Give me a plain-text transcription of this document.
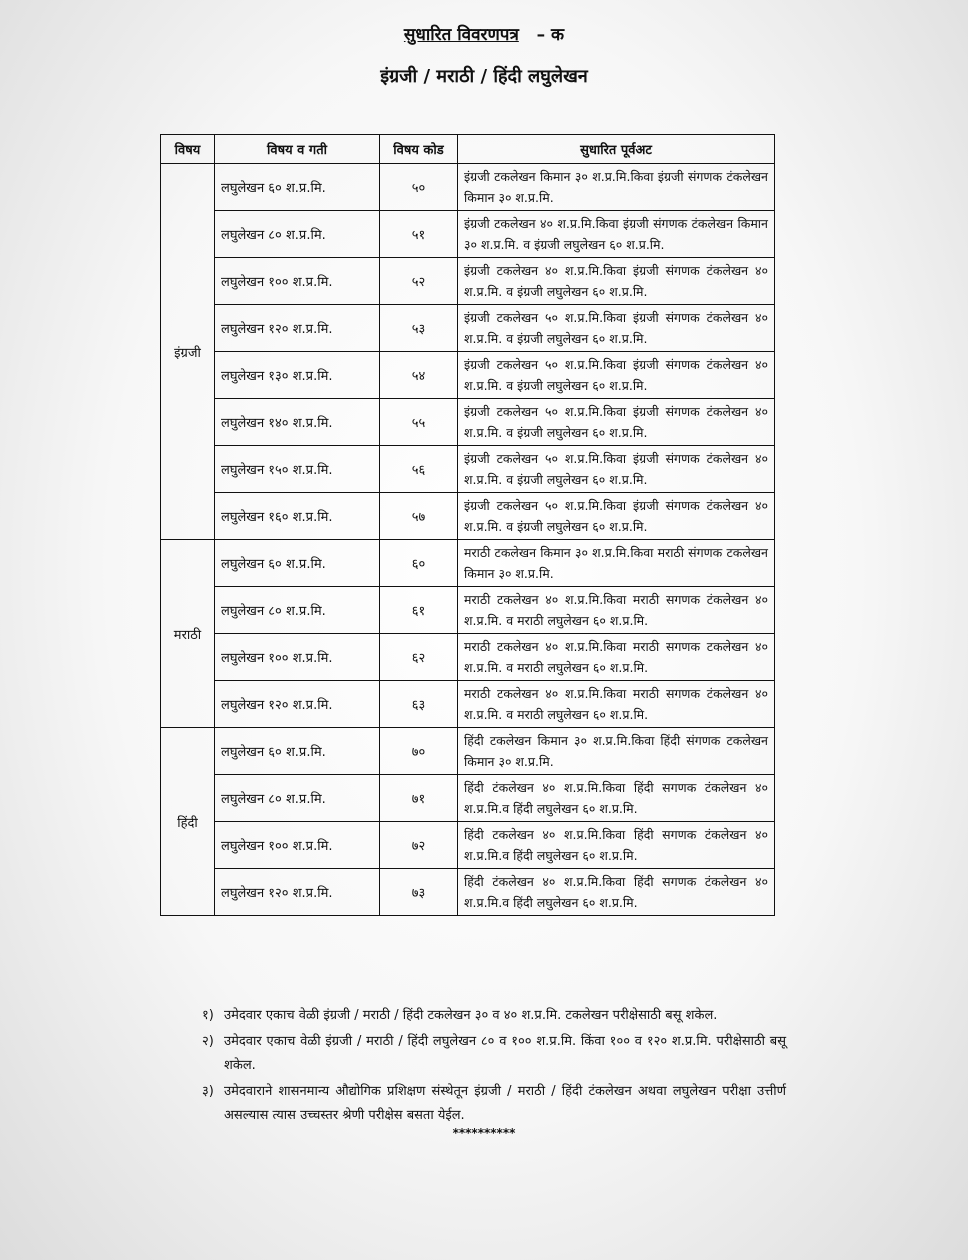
सुधारित विवरणपत्र – क
इंग्रजी / मराठी / हिंदी लघुलेखन
विषय	विषय व गती	विषय कोड	सुधारित पूर्वअट
इंग्रजी	लघुलेखन ६० श.प्र.मि.	५०	इंग्रजी टकलेखन किमान ३० श.प्र.मि.किवा इंग्रजी संगणक टंकलेखन किमान ३० श.प्र.मि.
	लघुलेखन ८० श.प्र.मि.	५१	इंग्रजी टकलेखन ४० श.प्र.मि.किवा इंग्रजी संगणक टंकलेखन किमान ३० श.प्र.मि. व इंग्रजी लघुलेखन ६० श.प्र.मि.
	लघुलेखन १०० श.प्र.मि.	५२	इंग्रजी टकलेखन ४० श.प्र.मि.किवा इंग्रजी संगणक टंकलेखन ४० श.प्र.मि. व इंग्रजी लघुलेखन ६० श.प्र.मि.
	लघुलेखन १२० श.प्र.मि.	५३	इंग्रजी टकलेखन ५० श.प्र.मि.किवा इंग्रजी संगणक टंकलेखन ४० श.प्र.मि. व इंग्रजी लघुलेखन ६० श.प्र.मि.
	लघुलेखन १३० श.प्र.मि.	५४	इंग्रजी टकलेखन ५० श.प्र.मि.किवा इंग्रजी संगणक टंकलेखन ४० श.प्र.मि. व इंग्रजी लघुलेखन ६० श.प्र.मि.
	लघुलेखन १४० श.प्र.मि.	५५	इंग्रजी टकलेखन ५० श.प्र.मि.किवा इंग्रजी संगणक टंकलेखन ४० श.प्र.मि. व इंग्रजी लघुलेखन ६० श.प्र.मि.
	लघुलेखन १५० श.प्र.मि.	५६	इंग्रजी टकलेखन ५० श.प्र.मि.किवा इंग्रजी संगणक टंकलेखन ४० श.प्र.मि. व इंग्रजी लघुलेखन ६० श.प्र.मि.
	लघुलेखन १६० श.प्र.मि.	५७	इंग्रजी टकलेखन ५० श.प्र.मि.किवा इंग्रजी संगणक टंकलेखन ४० श.प्र.मि. व इंग्रजी लघुलेखन ६० श.प्र.मि.
मराठी	लघुलेखन ६० श.प्र.मि.	६०	मराठी टकलेखन किमान ३० श.प्र.मि.किवा मराठी संगणक टकलेखन किमान ३० श.प्र.मि.
	लघुलेखन ८० श.प्र.मि.	६१	मराठी टकलेखन ४० श.प्र.मि.किवा मराठी सगणक टंकलेखन ४० श.प्र.मि. व मराठी लघुलेखन ६० श.प्र.मि.
	लघुलेखन १०० श.प्र.मि.	६२	मराठी टकलेखन ४० श.प्र.मि.किवा मराठी सगणक टकलेखन ४० श.प्र.मि. व मराठी लघुलेखन ६० श.प्र.मि.
	लघुलेखन १२० श.प्र.मि.	६३	मराठी टकलेखन ४० श.प्र.मि.किवा मराठी सगणक टंकलेखन ४० श.प्र.मि. व मराठी लघुलेखन ६० श.प्र.मि.
हिंदी	लघुलेखन ६० श.प्र.मि.	७०	हिंदी टकलेखन किमान ३० श.प्र.मि.किवा हिंदी संगणक टकलेखन किमान ३० श.प्र.मि.
	लघुलेखन ८० श.प्र.मि.	७१	हिंदी टंकलेखन ४० श.प्र.मि.किवा हिंदी सगणक टंकलेखन ४० श.प्र.मि.व हिंदी लघुलेखन ६० श.प्र.मि.
	लघुलेखन १०० श.प्र.मि.	७२	हिंदी टकलेखन ४० श.प्र.मि.किवा हिंदी सगणक टंकलेखन ४० श.प्र.मि.व हिंदी लघुलेखन ६० श.प्र.मि.
	लघुलेखन १२० श.प्र.मि.	७३	हिंदी टंकलेखन ४० श.प्र.मि.किवा हिंदी सगणक टंकलेखन ४० श.प्र.मि.व हिंदी लघुलेखन ६० श.प्र.मि.
१) उमेदवार एकाच वेळी इंग्रजी / मराठी / हिंदी टकलेखन ३० व ४० श.प्र.मि. टकलेखन परीक्षेसाठी बसू शकेल.
२) उमेदवार एकाच वेळी इंग्रजी / मराठी / हिंदी लघुलेखन ८० व १०० श.प्र.मि. किंवा १०० व १२० श.प्र.मि. परीक्षेसाठी बसू शकेल.
३) उमेदवाराने शासनमान्य औद्योगिक प्रशिक्षण संस्थेतून इंग्रजी / मराठी / हिंदी टंकलेखन अथवा लघुलेखन परीक्षा उत्तीर्ण असल्यास त्यास उच्चस्तर श्रेणी परीक्षेस बसता येईल.
**********
